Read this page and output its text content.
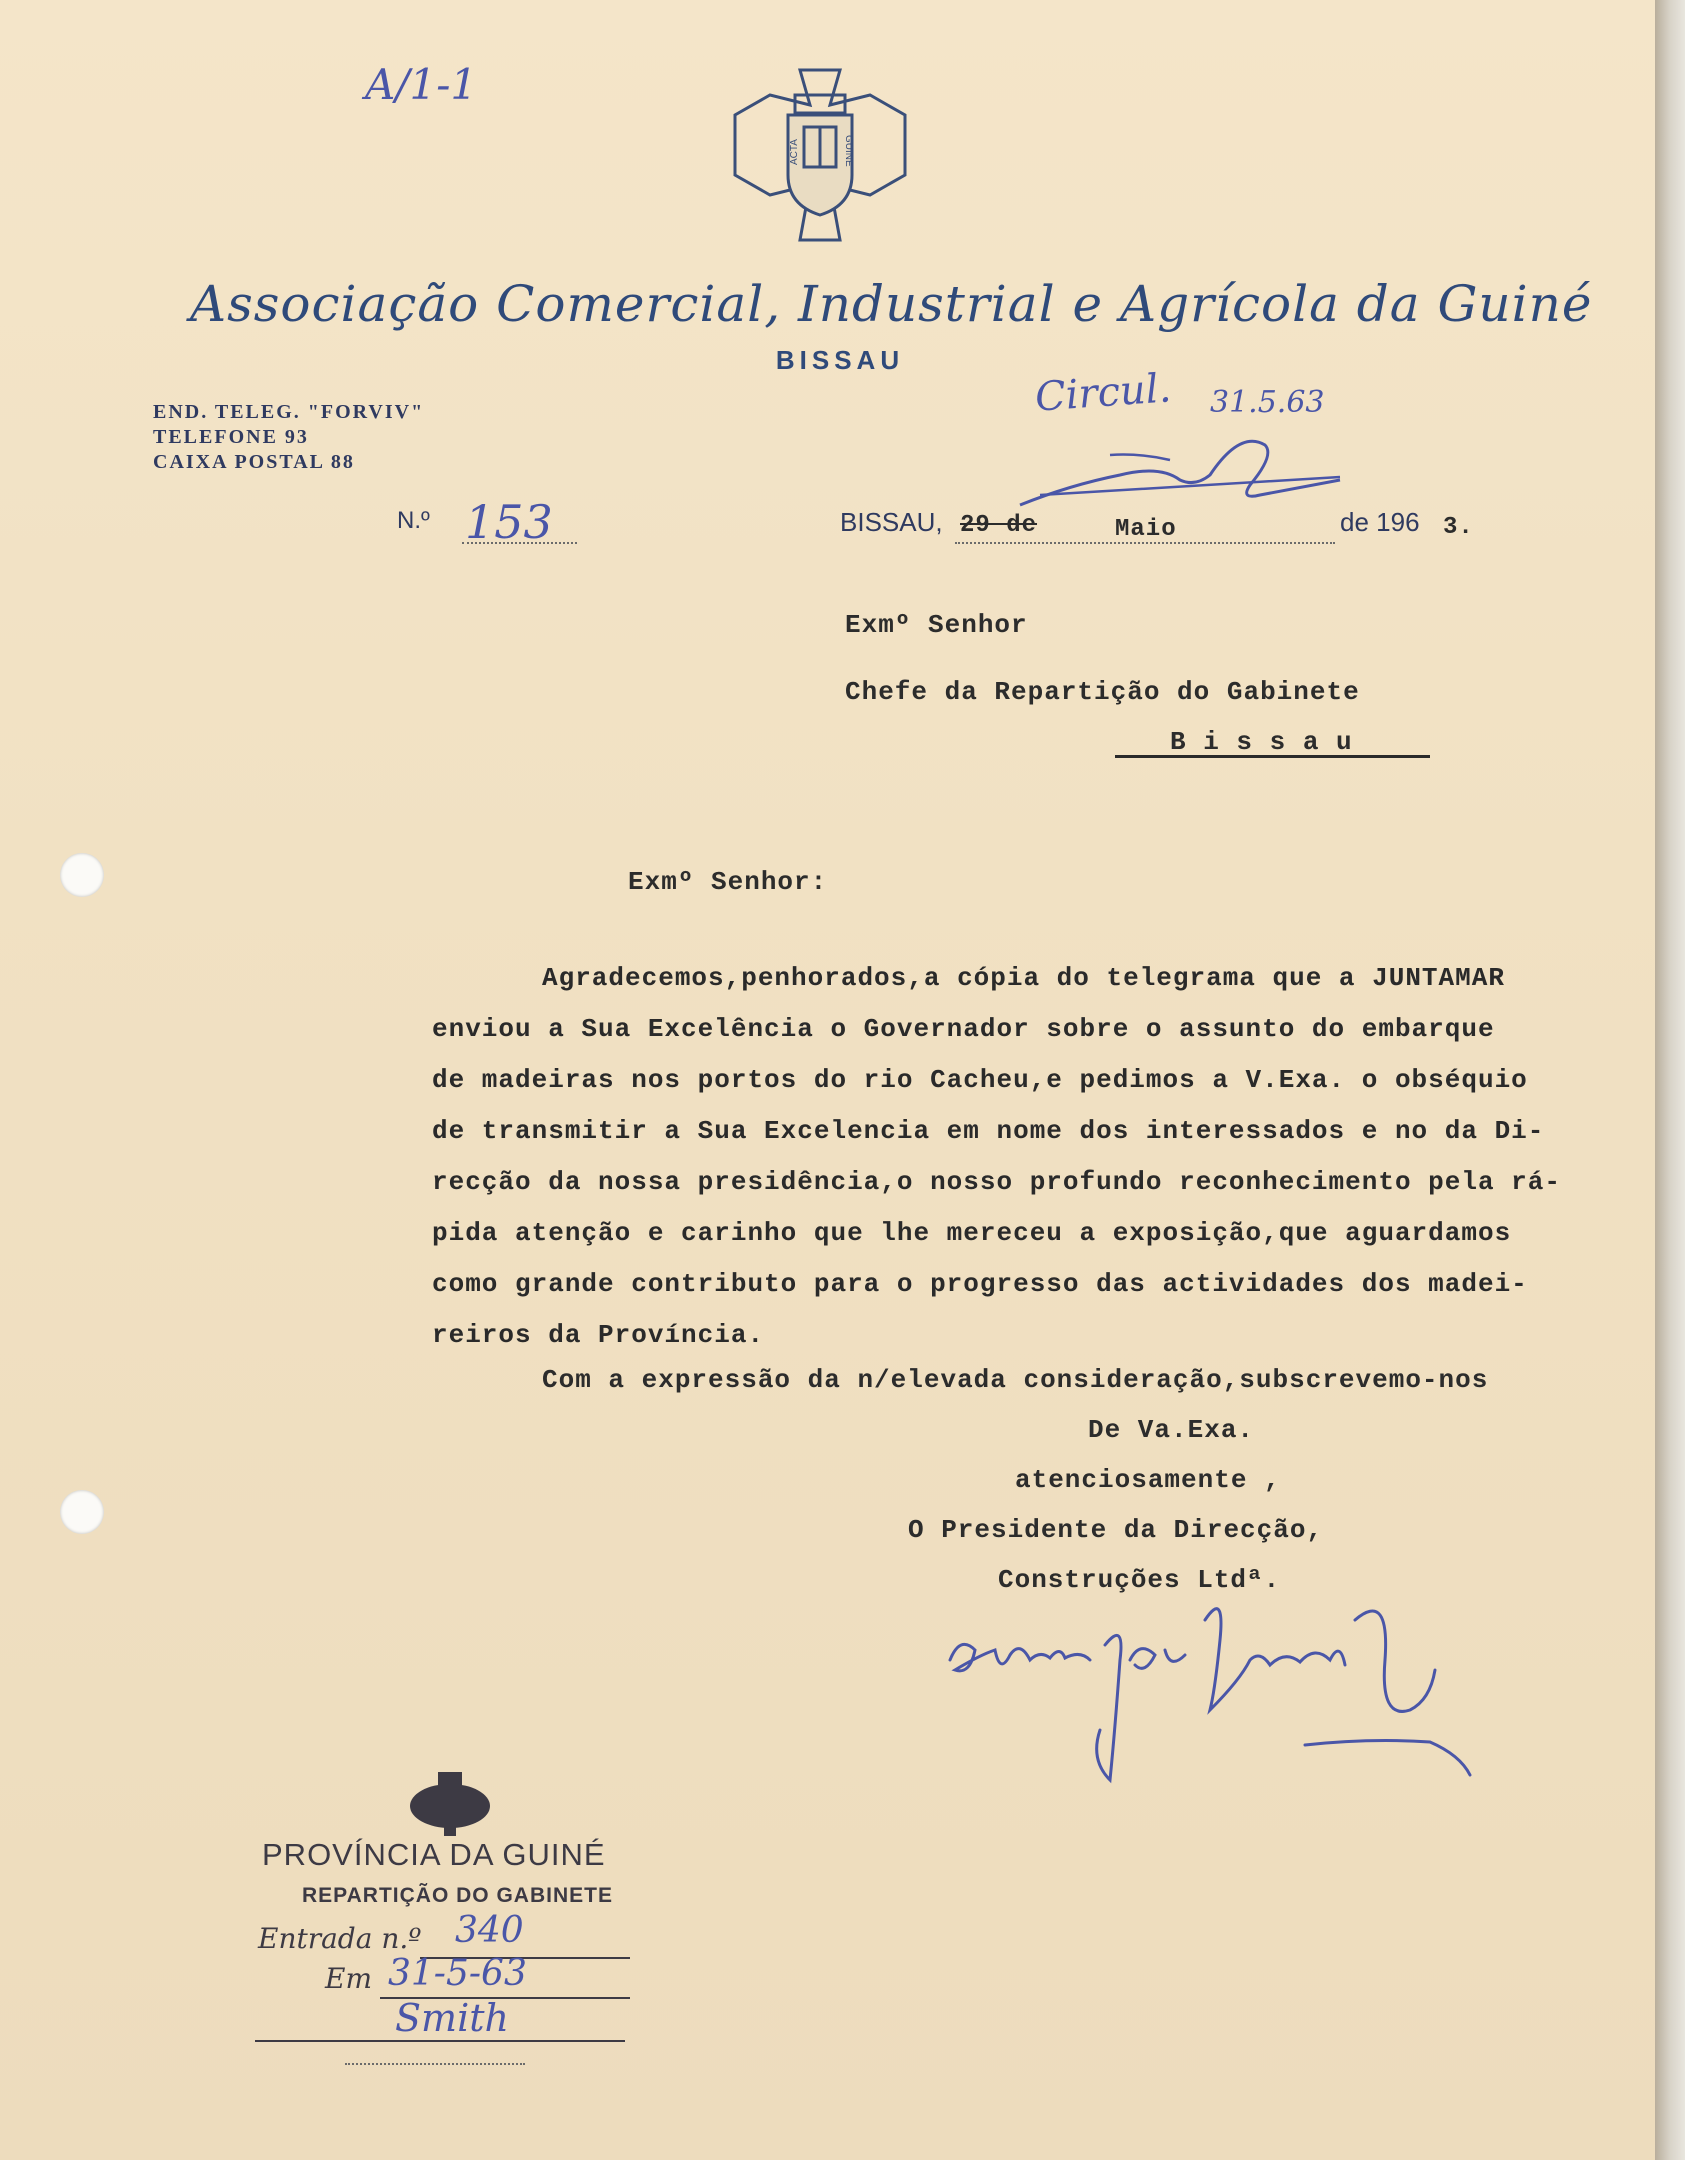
A/1-1
ACTA	GUINE
Associação Comercial, Industrial e Agrícola da Guiné
BISSAU
END. TELEG. "FORVIV"
TELEFONE 93
CAIXA POSTAL 88
Circul. 31.5.63
N.º 153	BISSAU, 29 de	Maio	de 196 3.
Exmº Senhor
Chefe da Repartição do Gabinete
B i s s a u
Exmº Senhor:
Agradecemos,penhorados,a cópia do telegrama que a JUNTAMAR
enviou a Sua Excelência o Governador sobre o assunto do embarque
de madeiras nos portos do rio Cacheu,e pedimos a V.Exa. o obséquio
de transmitir a Sua Excelencia em nome dos interessados e no da Di-
recção da nossa presidência,o nosso profundo reconhecimento pela rá-
pida atenção e carinho que lhe mereceu a exposição,que aguardamos
como grande contributo para o progresso das actividades dos madei-
reiros da Província.
Com a expressão da n/elevada consideração,subscrevemo-nos
De Va.Exa.
atenciosamente ,
O Presidente da Direcção,
Construções Ltdª.
PROVÍNCIA DA GUINÉ
REPARTIÇÃO DO GABINETE
Entrada n.º 340
Em 31-5-63
Smith
